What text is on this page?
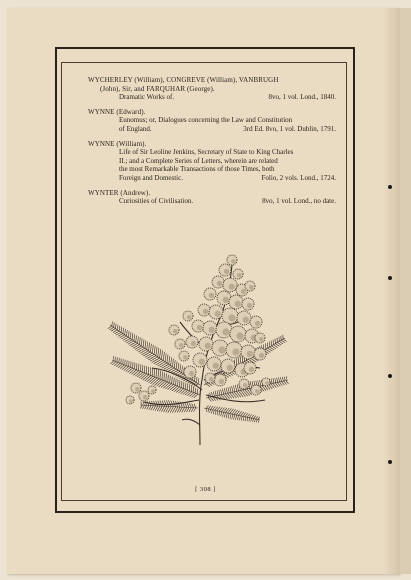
WYCHERLEY (William), CONGREVE (William), VANBRUGH
(John), Sir, and FARQUHAR (George).
Dramatic Works of.	8vo, 1 vol. Lond., 1840.
WYNNE (Edward).
Eunomus; or, Dialogues concerning the Law and Constitution
of England.	3rd Ed. 8vo, 1 vol. Dublin, 1791.
WYNNE (William).
Life of Sir Leoline Jenkins, Secretary of State to King Charles
II.; and a Complete Series of Letters, wherein are related
the most Remarkable Transactions of those Times, both
Foreign and Domestic.	Folio, 2 vols. Lond., 1724.
WYNTER (Andrew).
Curiosities of Civilisation.	8vo, 1 vol. Lond., no date.
[ 308 ]
